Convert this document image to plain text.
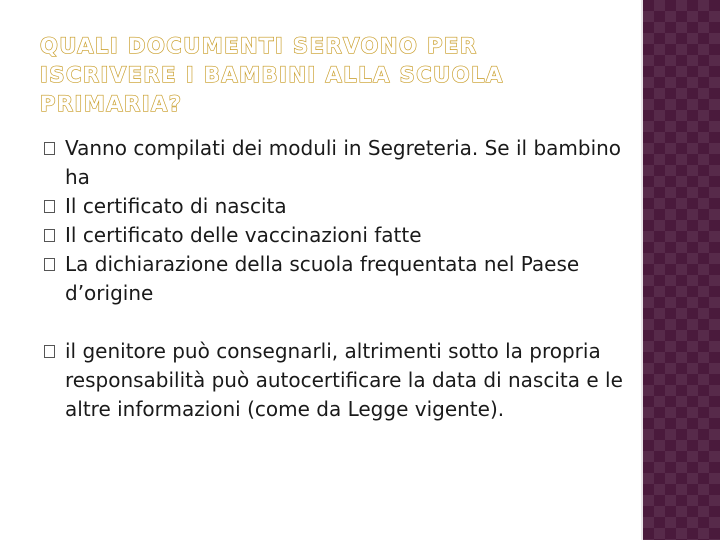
QUALI DOCUMENTI SERVONO PER ISCRIVERE I BAMBINI ALLA SCUOLA PRIMARIA?
Vanno compilati dei moduli in Segreteria. Se il bambino ha
Il certificato di nascita
Il certificato delle vaccinazioni fatte
La dichiarazione della scuola frequentata nel Paese d’origine
il genitore può consegnarli, altrimenti sotto la propria responsabilità può autocertificare la data di nascita e le altre informazioni (come da Legge vigente).
